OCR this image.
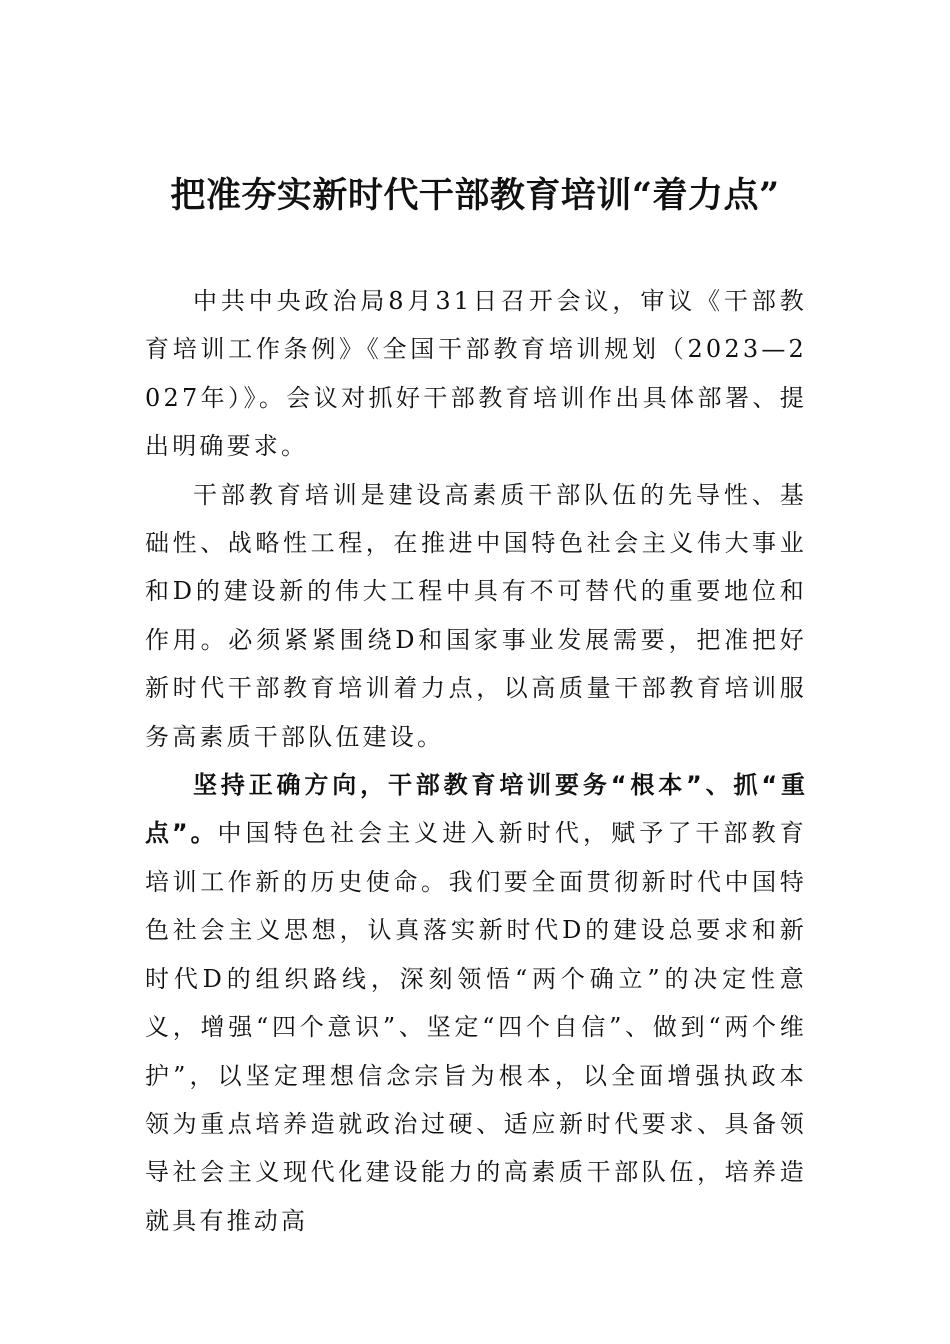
把准夯实新时代干部教育培训“着力点”

中共中央政治局8月31日召开会议，审议《干部教育培训工作条例》《全国干部教育培训规划（2023—2027年）》。会议对抓好干部教育培训作出具体部署、提出明确要求。

干部教育培训是建设高素质干部队伍的先导性、基础性、战略性工程，在推进中国特色社会主义伟大事业和D的建设新的伟大工程中具有不可替代的重要地位和作用。必须紧紧围绕D和国家事业发展需要，把准把好新时代干部教育培训着力点，以高质量干部教育培训服务高素质干部队伍建设。

坚持正确方向，干部教育培训要务“根本”、抓“重点”。中国特色社会主义进入新时代，赋予了干部教育培训工作新的历史使命。我们要全面贯彻新时代中国特色社会主义思想，认真落实新时代D的建设总要求和新时代D的组织路线，深刻领悟“两个确立”的决定性意义，增强“四个意识”、坚定“四个自信”、做到“两个维护”，以坚定理想信念宗旨为根本，以全面增强执政本领为重点培养造就政治过硬、适应新时代要求、具备领导社会主义现代化建设能力的高素质干部队伍，培养造就具有推动高
